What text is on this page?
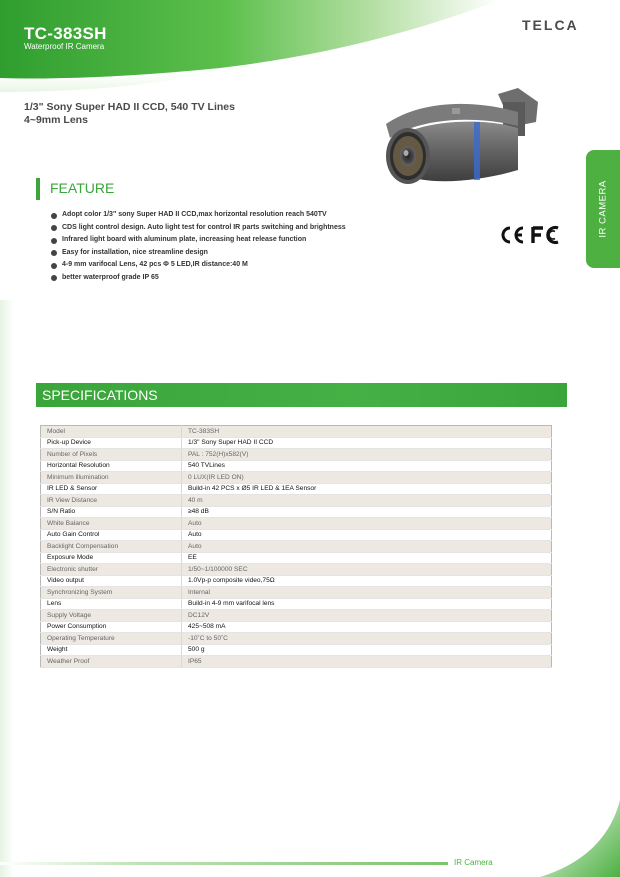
TC-383SH
Waterproof IR Camera
TELCA
1/3" Sony Super HAD II CCD, 540 TV Lines
4~9mm Lens
FEATURE
Adopt color 1/3" sony Super HAD II CCD,max horizontal resolution reach 540TV
CDS light control design. Auto light test for control IR parts switching and brightness
Infrared light board with aluminum plate, increasing heat release function
Easy for installation, nice streamline design
4-9 mm varifocal Lens, 42 pcs Φ 5 LED,IR distance:40 M
better waterproof grade IP 65
IR CAMERA
SPECIFICATIONS
Model	TC-383SH
Pick-up Device	1/3" Sony Super HAD II CCD
Number of Pixels	PAL : 752(H)x582(V)
Horizontal Resolution	540 TVLines
Minimum illumination	0 LUX(IR LED ON)
IR LED & Sensor	Build-in 42 PCS x Ø5 IR LED & 1EA Sensor
IR View Distance	40 m
S/N Ratio	≥48 dB
White Balance	Auto
Auto Gain Control	Auto
Backlight Compensation	Auto
Exposure Mode	EE
Electronic shutter	1/50~1/100000 SEC
Video output	1.0Vp-p composite video,75Ω
Synchronizing System	Internal
Lens	Build-in 4-9 mm varifocal lens
Supply Voltage	DC12V
Power Consumption	425~508 mA
Operating Temperature	-10˚C to 50˚C
Weight	500 g
Weather Proof	IP65
IR Camera
